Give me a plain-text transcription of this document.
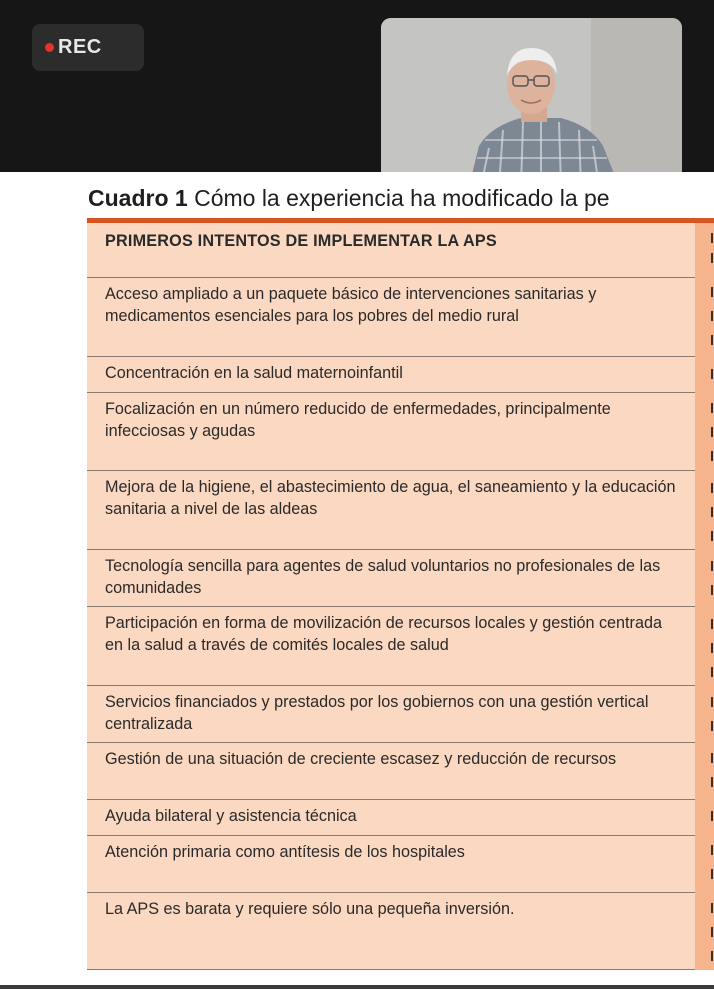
REC
Cuadro 1 Cómo la experiencia ha modificado la pe
PRIMEROS INTENTOS DE IMPLEMENTAR LA APS
Acceso ampliado a un paquete básico de intervenciones sanitarias y medicamentos esenciales para los pobres del medio rural
Concentración en la salud maternoinfantil
Focalización en un número reducido de enfermedades, principalmente infecciosas y agudas
Mejora de la higiene, el abastecimiento de agua, el saneamiento y la educación sanitaria a nivel de las aldeas
Tecnología sencilla para agentes de salud voluntarios no profesionales de las comunidades
Participación en forma de movilización de recursos locales y gestión centrada en la salud a través de comités locales de salud
Servicios financiados y prestados por los gobiernos con una gestión vertical centralizada
Gestión de una situación de creciente escasez y reducción de recursos
Ayuda bilateral y asistencia técnica
Atención primaria como antítesis de los hospitales
La APS es barata y requiere sólo una pequeña inversión.
